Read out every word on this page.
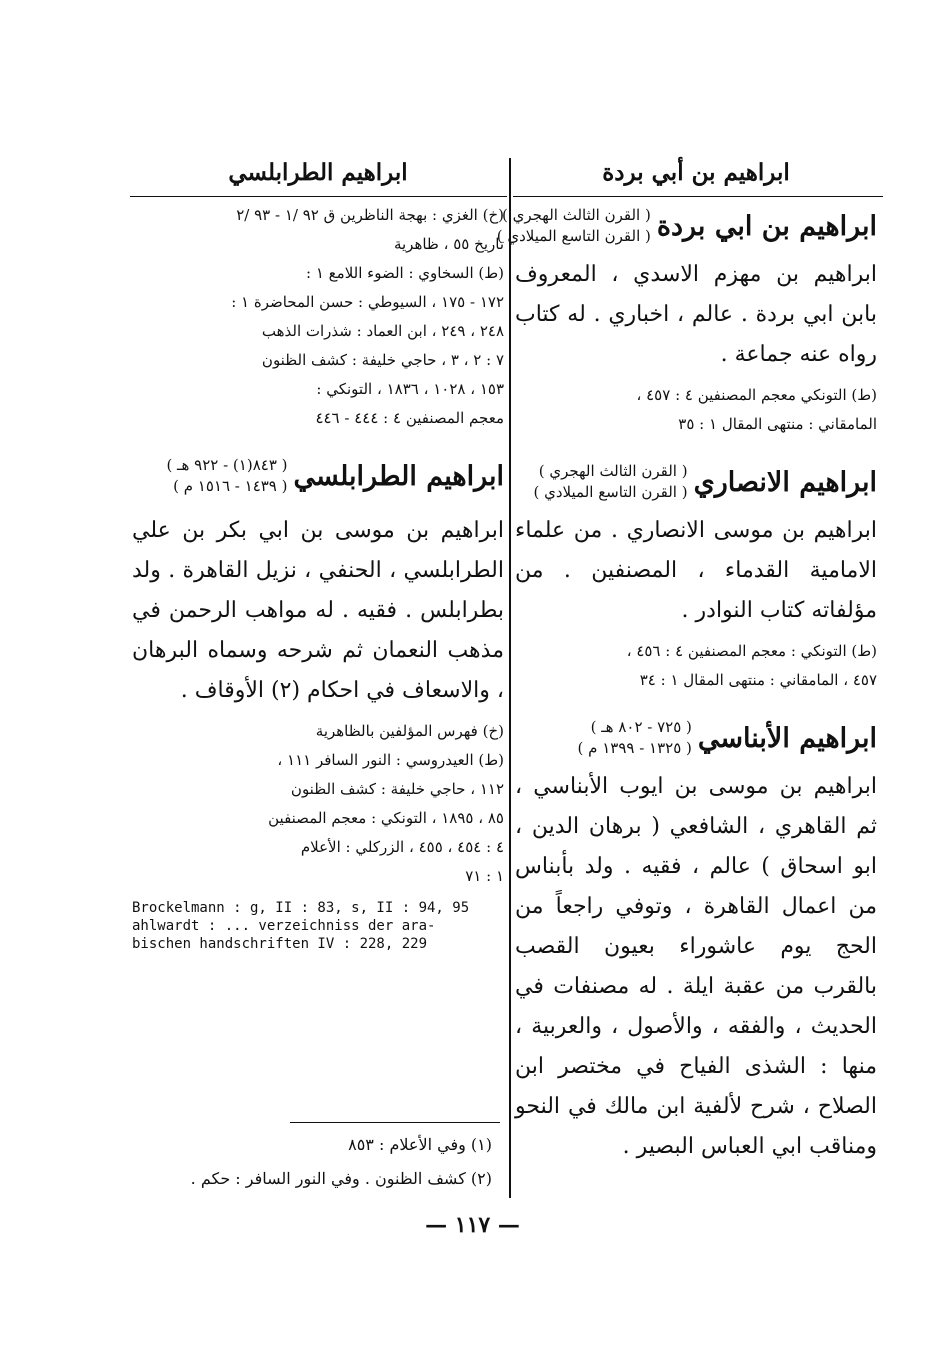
ابراهيم بن أبي بردة
ابراهيم بن ابي بردة
( القرن الثالث الهجري )
( القرن التاسع الميلادي )

ابراهيم بن مهزم الاسدي ، المعروف بابن ابي بردة . عالم ، اخباري . له كتاب رواه عنه جماعة .

(ط) التونكي معجم المصنفين ٤ : ٤٥٧ ،

المامقاني : منتهى المقال ١ : ٣٥

ابراهيم الانصاري
( القرن الثالث الهجري )
( القرن التاسع الميلادي )

ابراهيم بن موسى الانصاري . من علماء الامامية القدماء ، المصنفين . من مؤلفاته كتاب النوادر .

(ط) التونكي : معجم المصنفين ٤ : ٤٥٦ ،

٤٥٧ ، المامقاني : منتهى المقال ١ : ٣٤

ابراهيم الأبناسي
( ٧٢٥ - ٨٠٢ هـ )
( ١٣٢٥ - ١٣٩٩ م )

ابراهيم بن موسى بن ايوب الأبناسي ، ثم القاهري ، الشافعي ( برهان الدين ، ابو اسحاق ) عالم ، فقيه . ولد بأبناس من اعمال القاهرة ، وتوفي راجعاً من الحج يوم عاشوراء بعيون القصب بالقرب من عقبة ايلة . له مصنفات في الحديث ، والفقه ، والأصول ، والعربية ، منها : الشذى الفياح في مختصر ابن الصلاح ، شرح لألفية ابن مالك في النحو ومناقب ابي العباس البصير .

ابراهيم الطرابلسي

(خ) الغزي : بهجة الناظرين ق ٩٢ /١ - ٩٣ /٢

تاريخ ٥٥ ، ظاهرية

(ط) السخاوي : الضوء اللامع ١ :

١٧٢ - ١٧٥ ، السيوطي : حسن المحاضرة ١ :

٢٤٨ ، ٢٤٩ ، ابن العماد : شذرات الذهب

٧ : ٢ ، ٣ ، حاجي خليفة : كشف الظنون

١٥٣ ، ١٠٢٨ ، ١٨٣٦ ، التونكي :

معجم المصنفين ٤ : ٤٤٤ - ٤٤٦

ابراهيم الطرابلسي
( ٨٤٣(١) - ٩٢٢ هـ )
( ١٤٣٩ - ١٥١٦ م )

ابراهيم بن موسى بن ابي بكر بن علي الطرابلسي ، الحنفي ، نزيل القاهرة . ولد بطرابلس . فقيه . له مواهب الرحمن في مذهب النعمان ثم شرحه وسماه البرهان ، والاسعاف في احكام (٢) الأوقاف .

(خ) فهرس المؤلفين بالظاهرية

(ط) العيدروسي : النور السافر ١١١ ،

١١٢ ، حاجي خليفة : كشف الظنون

٨٥ ، ١٨٩٥ ، التونكي : معجم المصنفين

٤ : ٤٥٤ ، ٤٥٥ ، الزركلي : الأعلام

١ : ٧١

Brockelmann : g, II : 83, s, II : 94, 95
ahlwardt : ... verzeichniss der ara-
bischen handschriften IV : 228, 229

(١) وفي الأعلام : ٨٥٣

(٢) كشف الظنون . وفي النور السافر : حكم .

— ١١٧ —
